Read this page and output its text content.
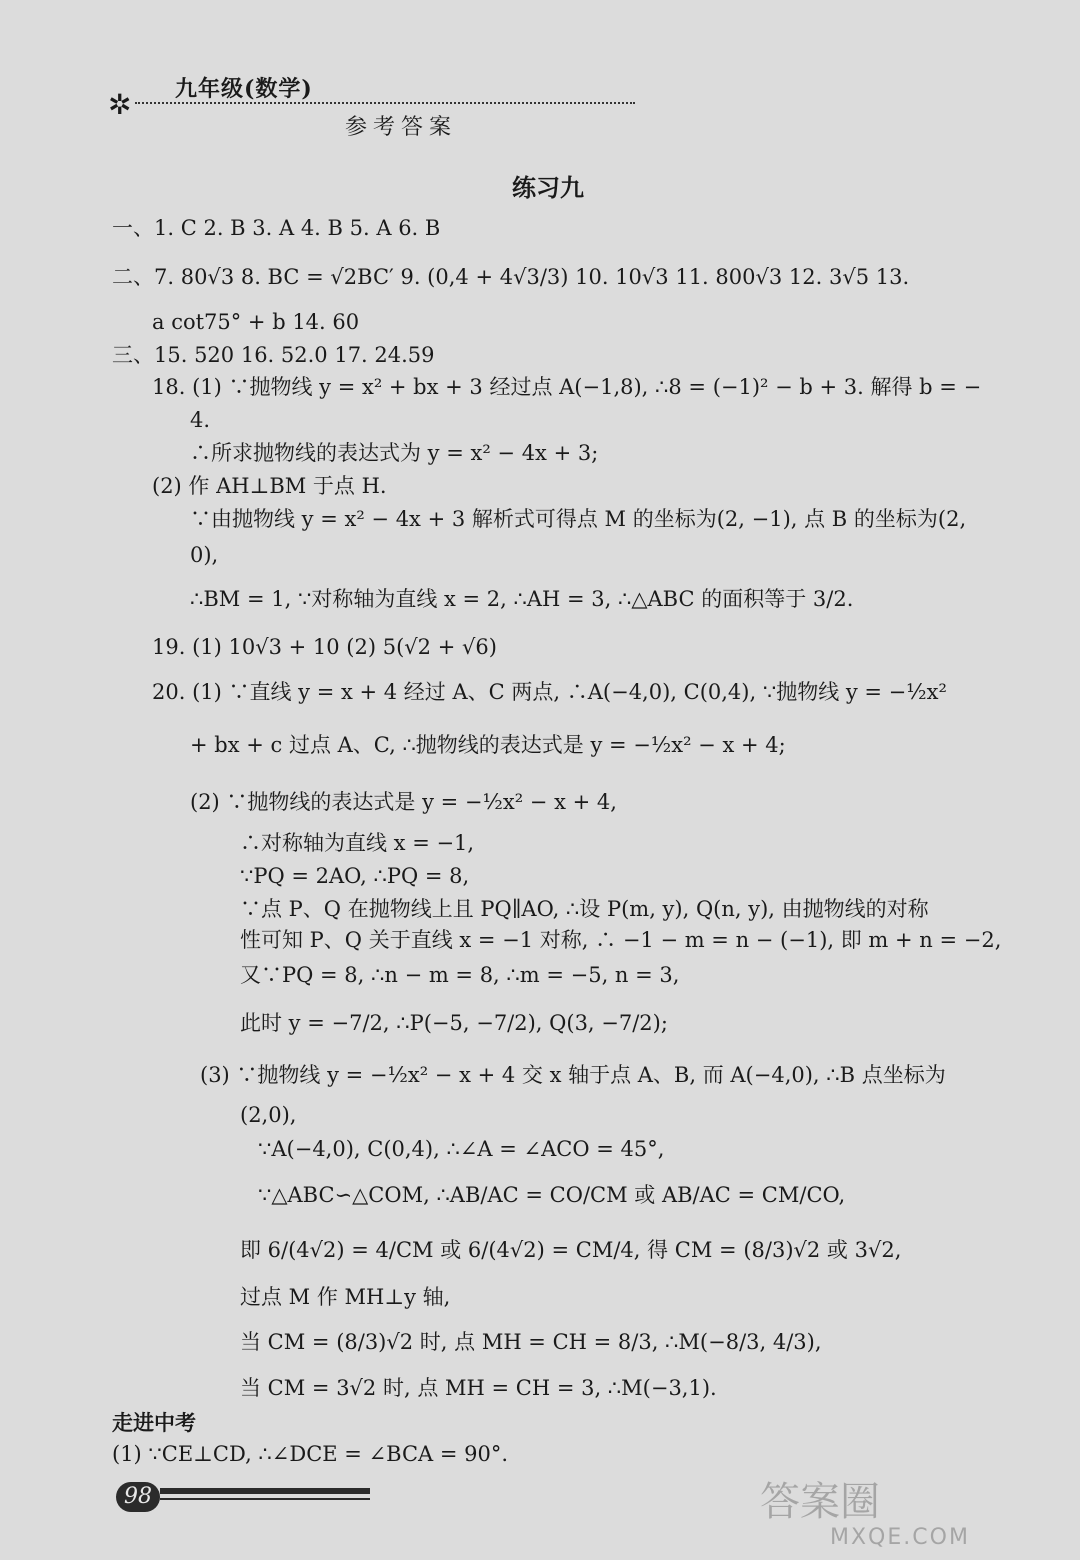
✲ 九年级(数学)
参考答案
练习九
一、1. C 2. B 3. A 4. B 5. A 6. B
二、7. 80√3 8. BC = √2BC′ 9. (0,4 + 4√3/3) 10. 10√3 11. 800√3 12. 3√5 13.
a cot75° + b 14. 60
三、15. 520 16. 52.0 17. 24.59
18. (1) ∵抛物线 y = x² + bx + 3 经过点 A(−1,8), ∴8 = (−1)² − b + 3. 解得 b = −
4.
∴所求抛物线的表达式为 y = x² − 4x + 3;
(2) 作 AH⊥BM 于点 H.
∵由抛物线 y = x² − 4x + 3 解析式可得点 M 的坐标为(2, −1), 点 B 的坐标为(2,
0),
∴BM = 1, ∵对称轴为直线 x = 2, ∴AH = 3, ∴△ABC 的面积等于 3/2.
19. (1) 10√3 + 10 (2) 5(√2 + √6)
20. (1) ∵直线 y = x + 4 经过 A、C 两点, ∴A(−4,0), C(0,4), ∵抛物线 y = −½x²
+ bx + c 过点 A、C, ∴抛物线的表达式是 y = −½x² − x + 4;
(2) ∵抛物线的表达式是 y = −½x² − x + 4,
∴对称轴为直线 x = −1,
∵PQ = 2AO, ∴PQ = 8,
∵点 P、Q 在抛物线上且 PQ∥AO, ∴设 P(m, y), Q(n, y), 由抛物线的对称
性可知 P、Q 关于直线 x = −1 对称, ∴ −1 − m = n − (−1), 即 m + n = −2,
又∵PQ = 8, ∴n − m = 8, ∴m = −5, n = 3,
此时 y = −7/2, ∴P(−5, −7/2), Q(3, −7/2);
(3) ∵抛物线 y = −½x² − x + 4 交 x 轴于点 A、B, 而 A(−4,0), ∴B 点坐标为
(2,0),
∵A(−4,0), C(0,4), ∴∠A = ∠ACO = 45°,
∵△ABC∽△COM, ∴AB/AC = CO/CM 或 AB/AC = CM/CO,
即 6/(4√2) = 4/CM 或 6/(4√2) = CM/4, 得 CM = (8/3)√2 或 3√2,
过点 M 作 MH⊥y 轴,
当 CM = (8/3)√2 时, 点 MH = CH = 8/3, ∴M(−8/3, 4/3),
当 CM = 3√2 时, 点 MH = CH = 3, ∴M(−3,1).
走进中考
(1) ∵CE⊥CD, ∴∠DCE = ∠BCA = 90°.
98	答案圈
MXQE.COM
